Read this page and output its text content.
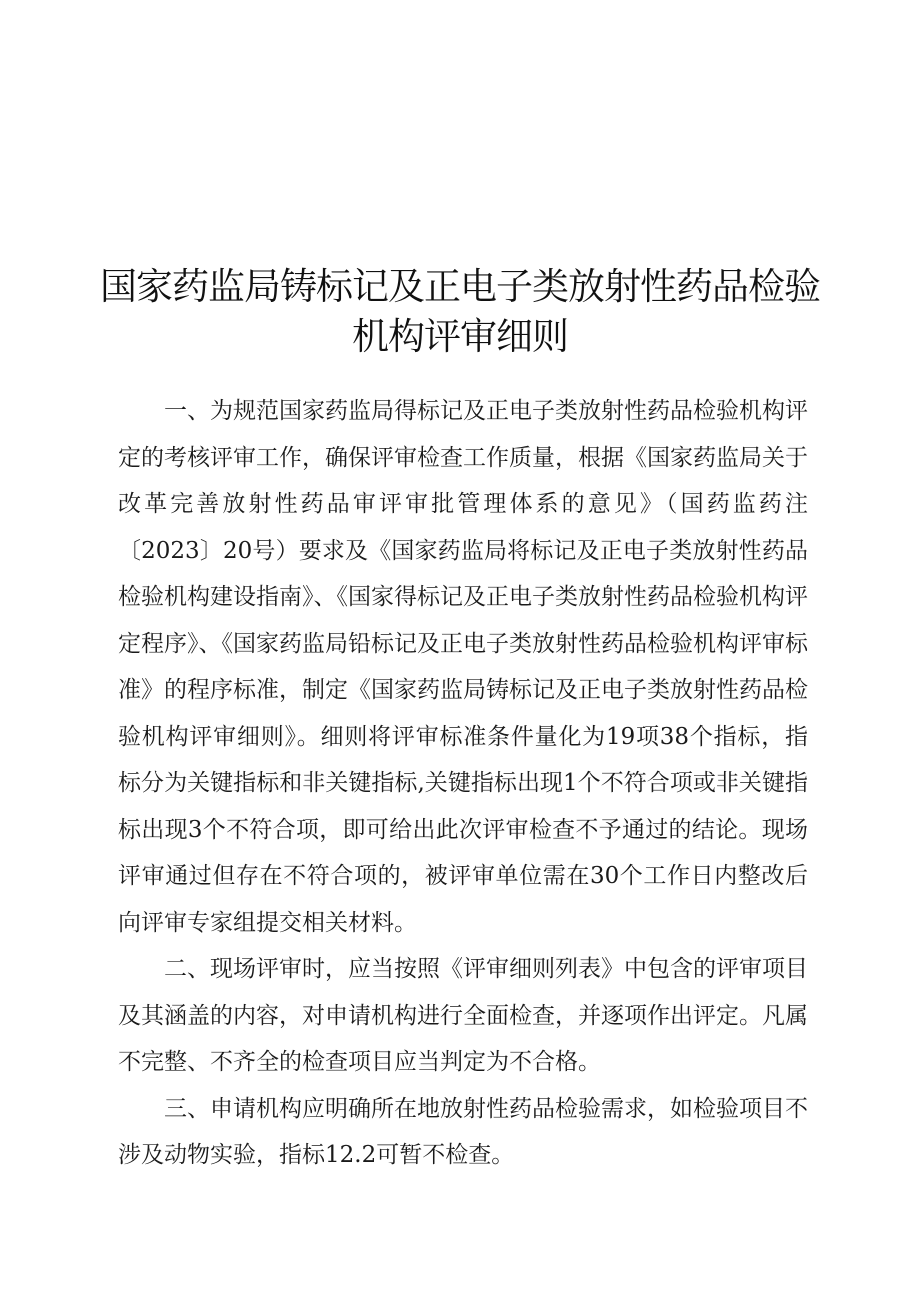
国家药监局铸标记及正电子类放射性药品检验
机构评审细则

一、为规范国家药监局得标记及正电子类放射性药品检验机构评定的考核评审工作，确保评审检查工作质量，根据《国家药监局关于改革完善放射性药品审评审批管理体系的意见》（国药监药注〔2023〕20号）要求及《国家药监局将标记及正电子类放射性药品检验机构建设指南》、《国家得标记及正电子类放射性药品检验机构评定程序》、《国家药监局铅标记及正电子类放射性药品检验机构评审标准》的程序标准，制定《国家药监局铸标记及正电子类放射性药品检验机构评审细则》。细则将评审标准条件量化为19项38个指标，指标分为关键指标和非关键指标,关键指标出现1个不符合项或非关键指标出现3个不符合项，即可给出此次评审检查不予通过的结论。现场评审通过但存在不符合项的，被评审单位需在30个工作日内整改后向评审专家组提交相关材料。

二、现场评审时，应当按照《评审细则列表》中包含的评审项目及其涵盖的内容，对申请机构进行全面检查，并逐项作出评定。凡属不完整、不齐全的检查项目应当判定为不合格。

三、申请机构应明确所在地放射性药品检验需求，如检验项目不涉及动物实验，指标12.2可暂不检查。
